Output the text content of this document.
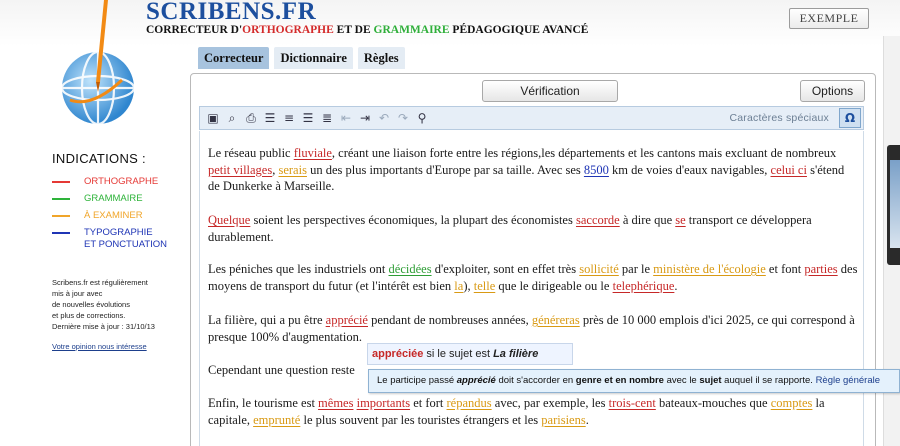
SCRIBENS.FR
CORRECTEUR D'ORTHOGRAPHE ET DE GRAMMAIRE PÉDAGOGIQUE AVANCÉ
EXEMPLE
Correcteur	Dictionnaire	Règles
INDICATIONS :
ORTHOGRAPHE
GRAMMAIRE
À EXAMINER
TYPOGRAPHIE
ET PONCTUATION
Scribens.fr est régulièrement
mis à jour avec
de nouvelles évolutions
et plus de corrections.
Dernière mise à jour : 31/10/13
Votre opinion nous intéresse
Vérification	Options
▣ ⌕ ⎙ ☰ ≡ ☰ ≣ ⇤ ⇥ ↶ ↷ ⚲	Caractères spéciaux	Ω
Le réseau public fluviale, créant une liaison forte entre les régions,les départements et les cantons mais excluant de nombreux petit villages, serais un des plus importants d'Europe par sa taille. Avec ses 8500 km de voies d'eaux navigables, celui ci s'étend de Dunkerke à Marseille.
Quelque soient les perspectives économiques, la plupart des économistes saccorde à dire que se transport ce développera durablement.
Les péniches que les industriels ont décidées d'exploiter, sont en effet très sollicité par le ministère de l'écologie et font parties des moyens de transport du futur (et l'intérêt est bien la), telle que le dirigeable ou le telephérique.
La filière, qui a pu être apprécié pendant de nombreuses années, généreras près de 10 000 emplois d'ici 2025, ce qui correspond à presque 100% d'augmentation.
Cependant une question reste
Enfin, le tourisme est mêmes importants et fort répandus avec, par exemple, les trois-cent bateaux-mouches que comptes la capitale, emprunté le plus souvent par les touristes étrangers et les parisiens.
appréciée si le sujet est La filière
Le participe passé apprécié doit s'accorder en genre et en nombre avec le sujet auquel il se rapporte. Règle générale
